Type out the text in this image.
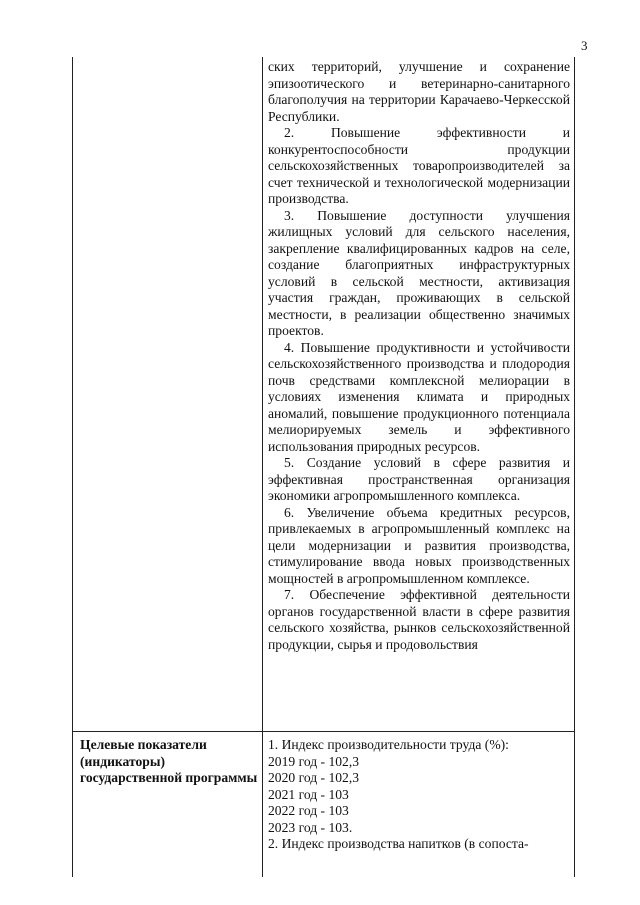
3

ских территорий, улучшение и сохранение эпизоотического и ветеринарно-санитарного благополучия на территории Карачаево-Черкесской Республики.

2. Повышение эффективности и конкурентоспособности продукции сельскохозяйственных товаропроизводителей за счет технической и технологической модернизации производства.

3. Повышение доступности улучшения жилищных условий для сельского населения, закрепление квалифицированных кадров на селе, создание благоприятных инфраструктурных условий в сельской местности, активизация участия граждан, проживающих в сельской местности, в реализации общественно значимых проектов.

4. Повышение продуктивности и устойчивости сельскохозяйственного производства и плодородия почв средствами комплексной мелиорации в условиях изменения климата и природных аномалий, повышение продукционного потенциала мелиорируемых земель и эффективного использования природных ресурсов.

5. Создание условий в сфере развития и эффективная пространственная организация экономики агропромышленного комплекса.

6. Увеличение объема кредитных ресурсов, привлекаемых в агропромышленный комплекс на цели модернизации и развития производства, стимулирование ввода новых производственных мощностей в агропромышленном комплексе.

7. Обеспечение эффективной деятельности органов государственной власти в сфере развития сельского хозяйства, рынков сельскохозяйственной продукции, сырья и продовольствия

Целевые показатели (индикаторы) государственной программы
1. Индекс производительности труда (%):
2019 год - 102,3
2020 год - 102,3
2021 год - 103
2022 год - 103
2023 год - 103.
2. Индекс производства напитков (в сопоста-
